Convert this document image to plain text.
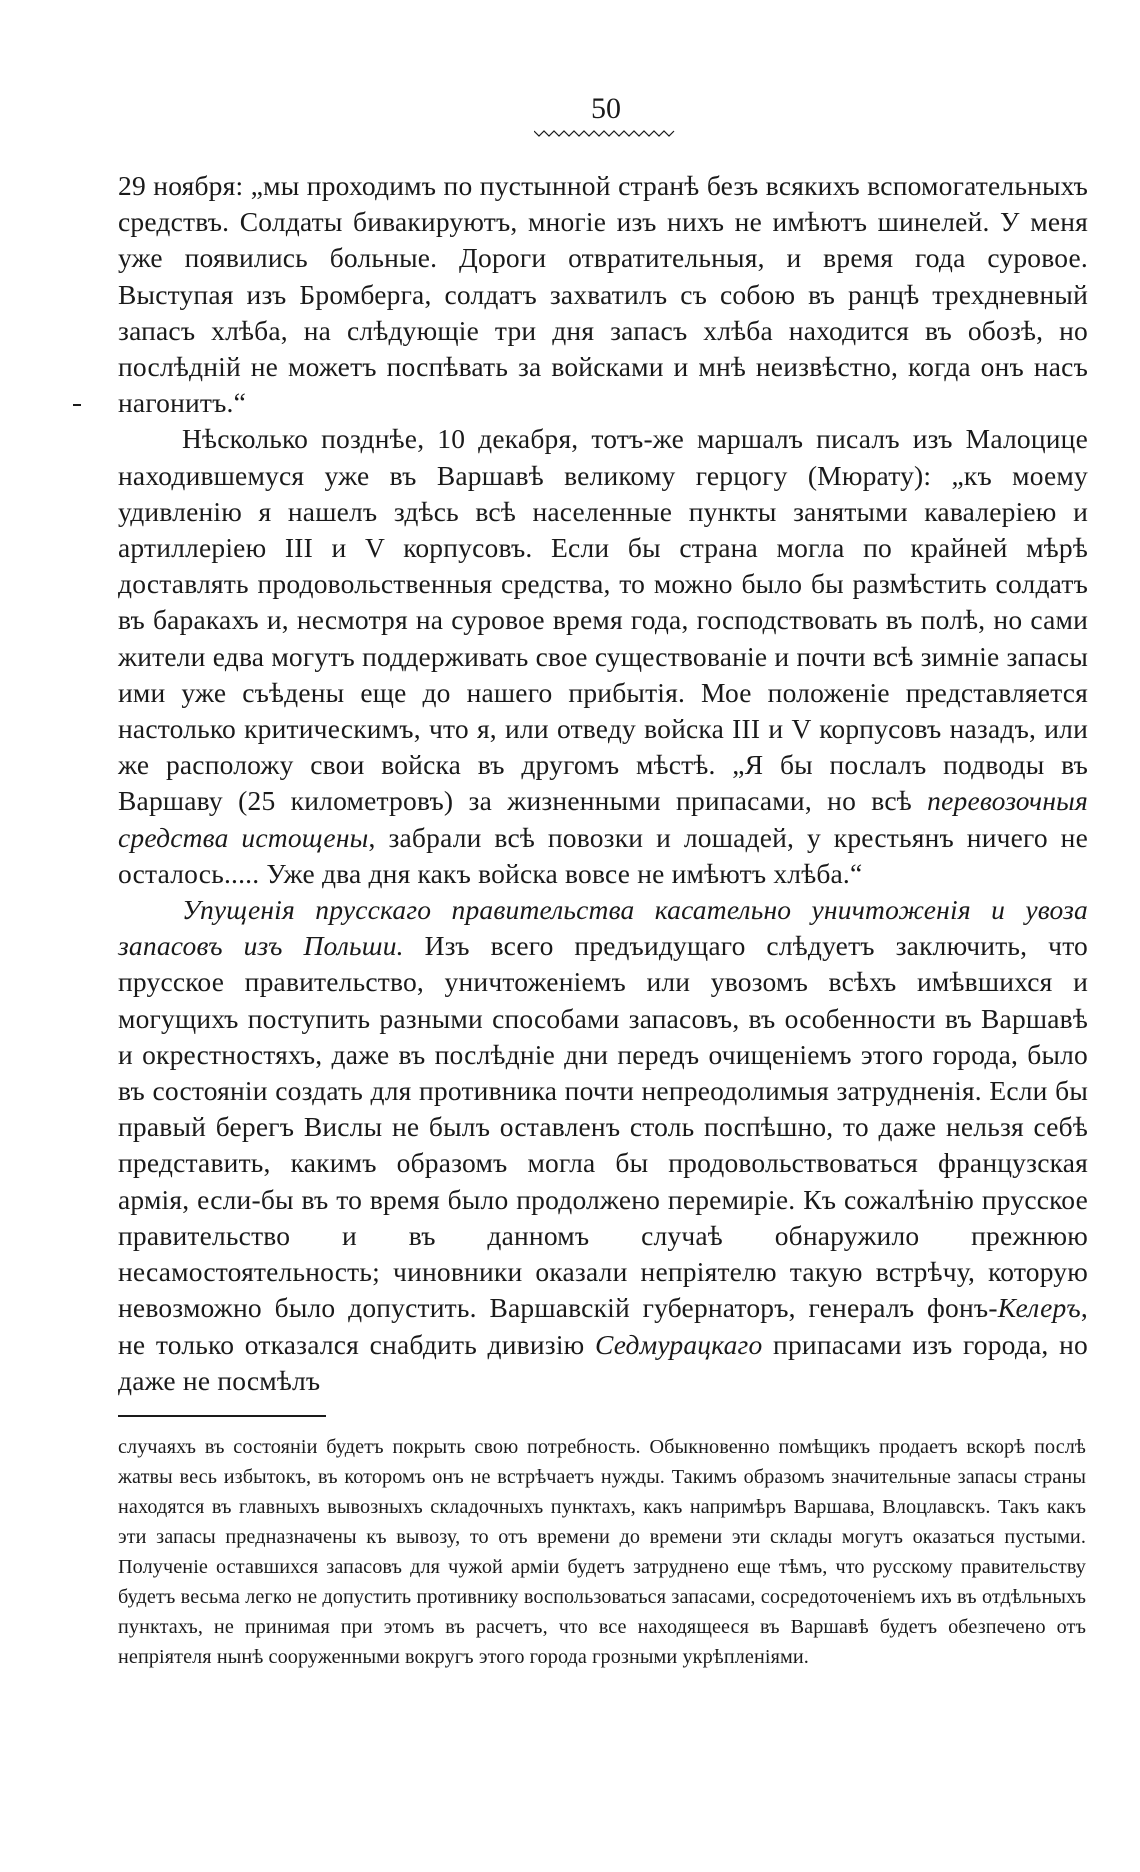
50

29 ноября: „мы проходимъ по пустынной странѣ безъ всякихъ вспомогательныхъ средствъ. Солдаты бивакируютъ, многіе изъ нихъ не имѣютъ шинелей. У меня уже появились больные. Дороги отвратительныя, и время года суровое. Выступая изъ Бромберга, солдатъ захватилъ съ собою въ ранцѣ трехдневный запасъ хлѣба, на слѣдующіе три дня запасъ хлѣба находится въ обозѣ, но послѣдній не можетъ поспѣвать за войсками и мнѣ неизвѣстно, когда онъ насъ нагонитъ.“

Нѣсколько позднѣе, 10 декабря, тотъ-же маршалъ писалъ изъ Малоцице находившемуся уже въ Варшавѣ великому герцогу (Мюрату): „къ моему удивленію я нашелъ здѣсь всѣ населенные пункты занятыми кавалеріею и артиллеріею III и V корпусовъ. Если бы страна могла по крайней мѣрѣ доставлять продовольственныя средства, то можно было бы размѣстить солдатъ въ баракахъ и, несмотря на суровое время года, господствовать въ полѣ, но сами жители едва могутъ поддерживать свое существованіе и почти всѣ зимніе запасы ими уже съѣдены еще до нашего прибытія. Мое положеніе представляется настолько критическимъ, что я, или отведу войска III и V корпусовъ назадъ, или же расположу свои войска въ другомъ мѣстѣ. „Я бы послалъ подводы въ Варшаву (25 километровъ) за жизненными припасами, но всѣ перевозочныя средства истощены, забрали всѣ повозки и лошадей, у крестьянъ ничего не осталось..... Уже два дня какъ войска вовсе не имѣютъ хлѣба.“

Упущенія прусскаго правительства касательно уничтоженія и увоза запасовъ изъ Польши. Изъ всего предъидущаго слѣдуетъ заключить, что прусское правительство, уничтоженіемъ или увозомъ всѣхъ имѣвшихся и могущихъ поступить разными способами запасовъ, въ особенности въ Варшавѣ и окрестностяхъ, даже въ послѣдніе дни передъ очищеніемъ этого города, было въ состояніи создать для противника почти непреодолимыя затрудненія. Если бы правый берегъ Вислы не былъ оставленъ столь поспѣшно, то даже нельзя себѣ представить, какимъ образомъ могла бы продовольствоваться французская армія, если-бы въ то время было продолжено перемиріе. Къ сожалѣнію прусское правительство и въ данномъ случаѣ обнаружило прежнюю несамостоятельность; чиновники оказали непріятелю такую встрѣчу, которую невозможно было допустить. Варшавскій губернаторъ, генералъ фонъ-Келеръ, не только отказался снабдить дивизію Седмурацкаго припасами изъ города, но даже не посмѣлъ

случаяхъ въ состояніи будетъ покрыть свою потребность. Обыкновенно помѣщикъ продаетъ вскорѣ послѣ жатвы весь избытокъ, въ которомъ онъ не встрѣчаетъ нужды. Такимъ образомъ значительные запасы страны находятся въ главныхъ вывозныхъ складочныхъ пунктахъ, какъ напримѣръ Варшава, Влоцлавскъ. Такъ какъ эти запасы предназначены къ вывозу, то отъ времени до времени эти склады могутъ оказаться пустыми. Полученіе оставшихся запасовъ для чужой арміи будетъ затруднено еще тѣмъ, что русскому правительству будетъ весьма легко не допустить противнику воспользоваться запасами, сосредоточеніемъ ихъ въ отдѣльныхъ пунктахъ, не принимая при этомъ въ расчетъ, что все находящееся въ Варшавѣ будетъ обезпечено отъ непріятеля нынѣ сооруженными вокругъ этого города грозными укрѣпленіями.
